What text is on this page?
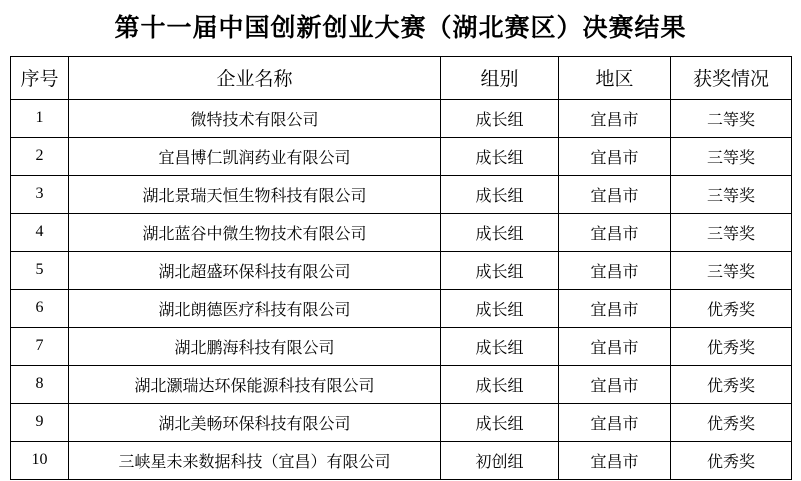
第十一届中国创新创业大赛（湖北赛区）决赛结果
序号	企业名称	组别	地区	获奖情况
1	微特技术有限公司	成长组	宜昌市	二等奖
2	宜昌博仁凯润药业有限公司	成长组	宜昌市	三等奖
3	湖北景瑞天恒生物科技有限公司	成长组	宜昌市	三等奖
4	湖北蓝谷中微生物技术有限公司	成长组	宜昌市	三等奖
5	湖北超盛环保科技有限公司	成长组	宜昌市	三等奖
6	湖北朗德医疗科技有限公司	成长组	宜昌市	优秀奖
7	湖北鹏海科技有限公司	成长组	宜昌市	优秀奖
8	湖北灏瑞达环保能源科技有限公司	成长组	宜昌市	优秀奖
9	湖北美畅环保科技有限公司	成长组	宜昌市	优秀奖
10	三峡星未来数据科技（宜昌）有限公司	初创组	宜昌市	优秀奖
